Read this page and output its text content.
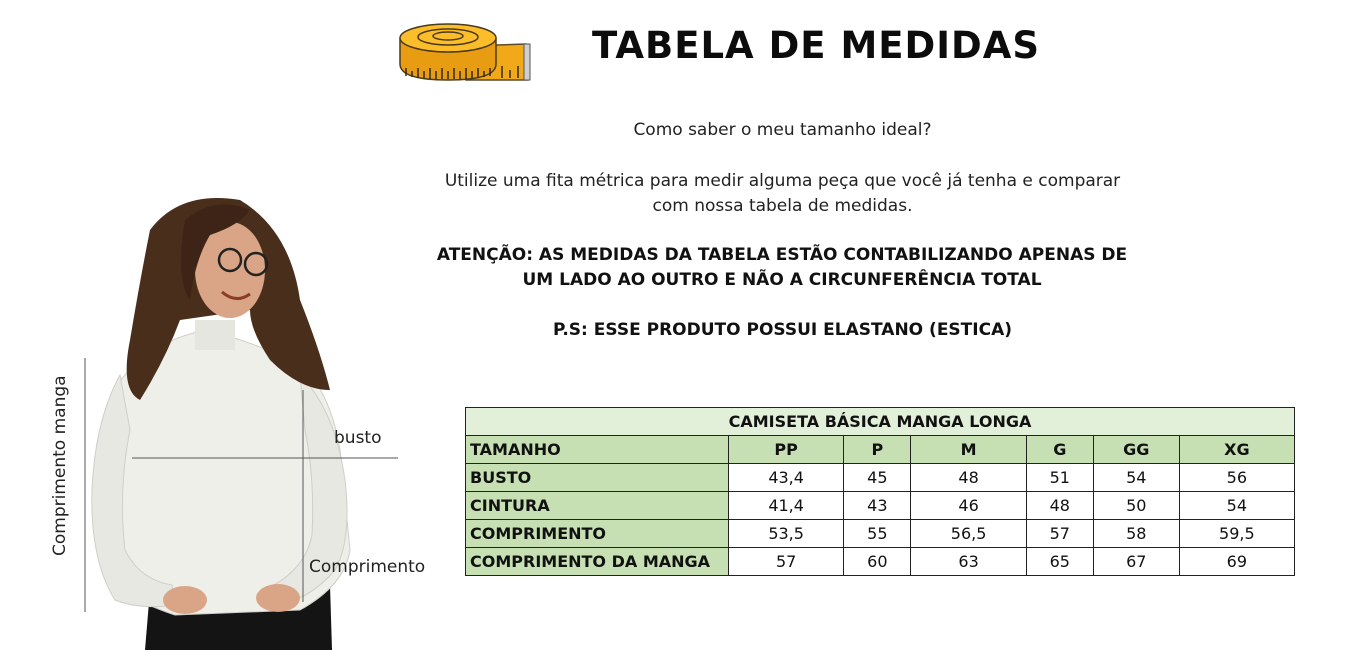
TABELA DE MEDIDAS
Como saber o meu tamanho ideal?
Utilize uma fita métrica para medir alguma peça que você já tenha e comparar com nossa tabela de medidas.
ATENÇÃO: AS MEDIDAS DA TABELA ESTÃO CONTABILIZANDO APENAS DE UM LADO AO OUTRO E NÃO A CIRCUNFERÊNCIA TOTAL
P.S: ESSE PRODUTO POSSUI ELASTANO (ESTICA)
busto
Comprimento
Comprimento manga	CAMISETA BÁSICA MANGA LONGA						
TAMANHO	PP	P	M	G	GG	XG
BUSTO	43,4	45	48	51	54	56
CINTURA	41,4	43	46	48	50	54
COMPRIMENTO	53,5	55	56,5	57	58	59,5
COMPRIMENTO DA MANGA	57	60	63	65	67	69
